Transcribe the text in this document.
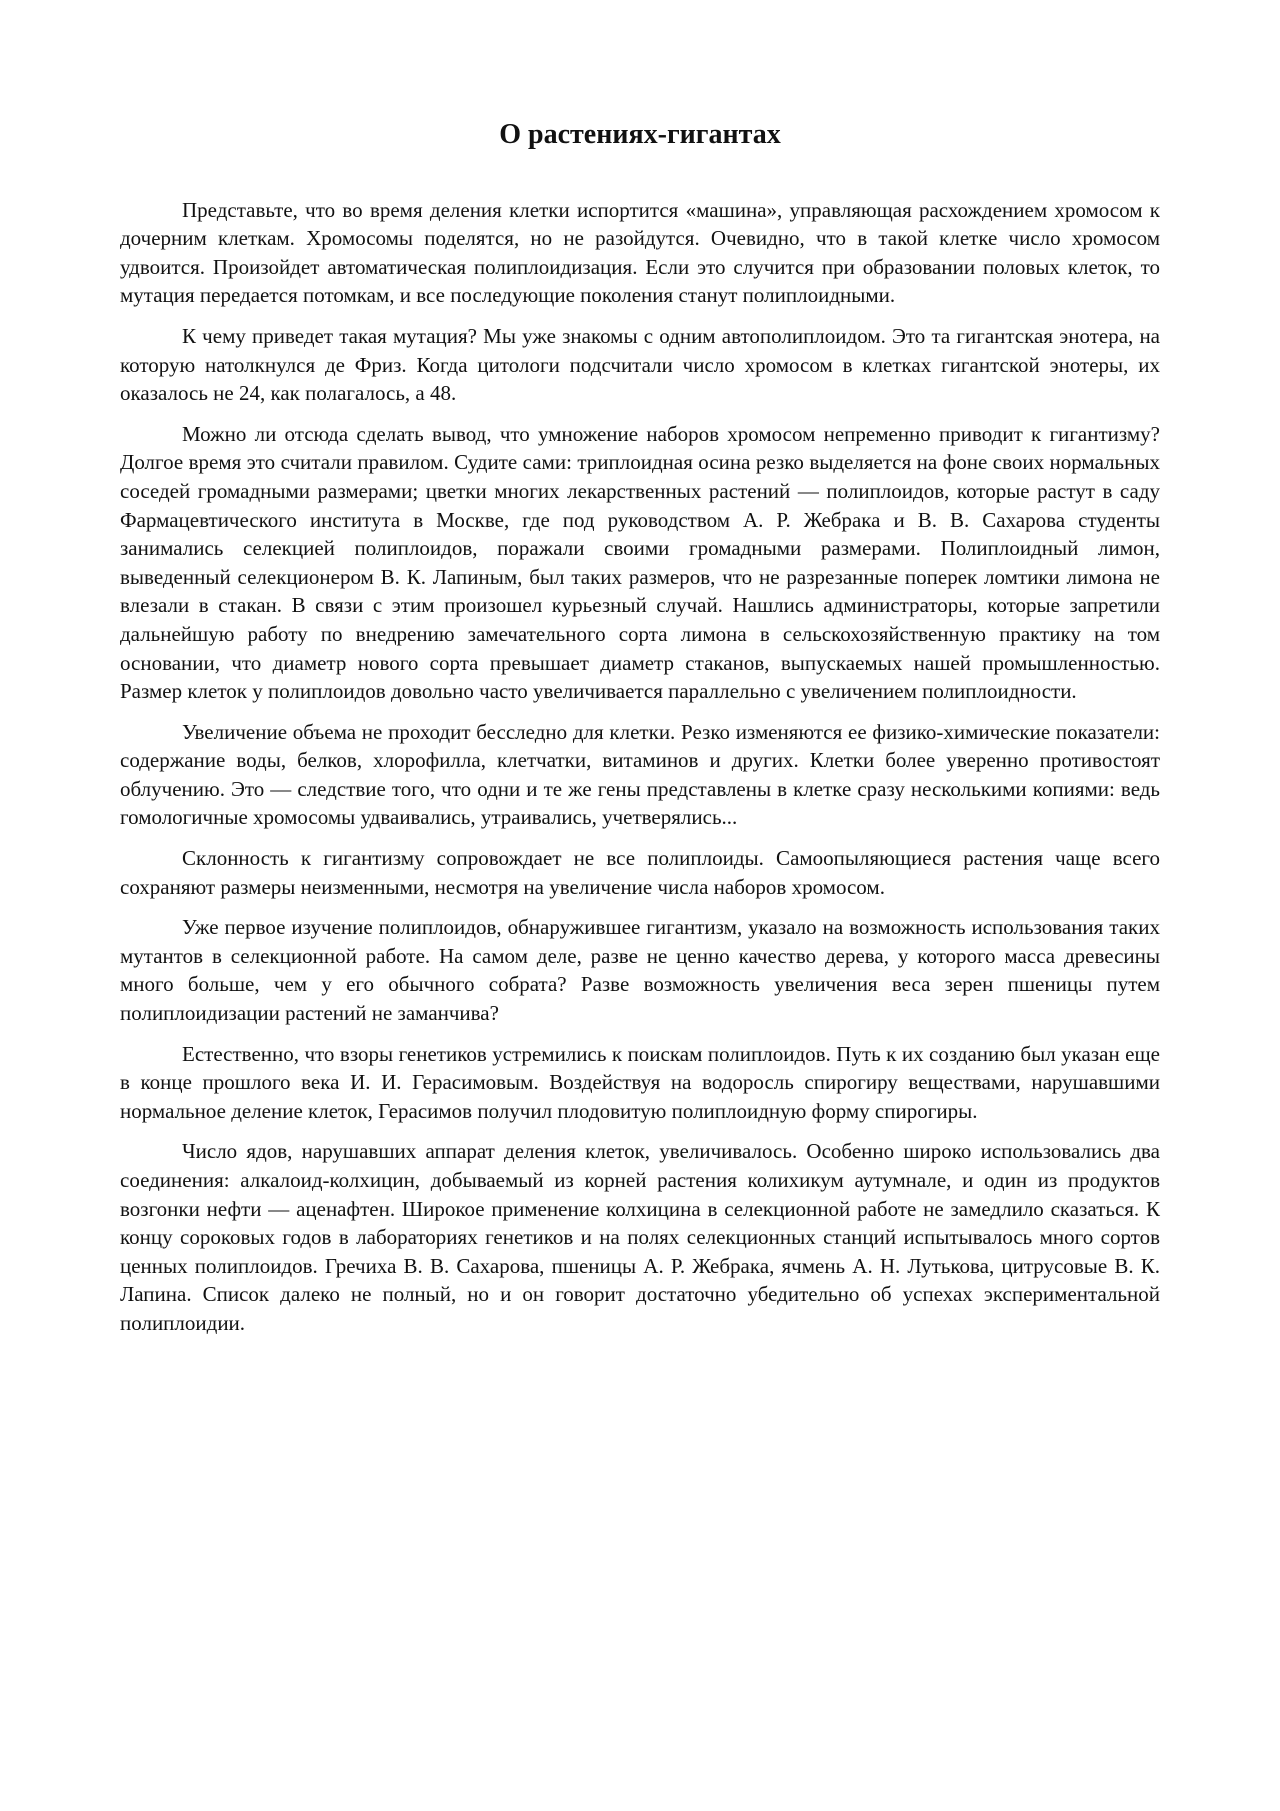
О растениях-гигантах

Представьте, что во время деления клетки испортится «машина», управляющая расхождением хромосом к дочерним клеткам. Хромосомы поделятся, но не разойдутся. Очевидно, что в такой клетке число хромосом удвоится. Произойдет автоматическая полиплоидизация. Если это случится при образовании половых клеток, то мутация передается потомкам, и все последующие поколения станут полиплоидными.

К чему приведет такая мутация? Мы уже знакомы с одним автополиплоидом. Это та гигантская энотера, на которую натолкнулся де Фриз. Когда цитологи подсчитали число хромосом в клетках гигантской энотеры, их оказалось не 24, как полагалось, а 48.

Можно ли отсюда сделать вывод, что умножение наборов хромосом непременно приводит к гигантизму? Долгое время это считали правилом. Судите сами: триплоидная осина резко выделяется на фоне своих нормальных соседей громадными размерами; цветки многих лекарственных растений — полиплоидов, которые растут в саду Фармацевтического института в Москве, где под руководством А. Р. Жебрака и В. В. Сахарова студенты занимались селекцией полиплоидов, поражали своими громадными размерами. Полиплоидный лимон, выведенный селекционером В. К. Лапиным, был таких размеров, что не разрезанные поперек ломтики лимона не влезали в стакан. В связи с этим произошел курьезный случай. Нашлись администраторы, которые запретили дальнейшую работу по внедрению замечательного сорта лимона в сельскохозяйственную практику на том основании, что диаметр нового сорта превышает диаметр стаканов, выпускаемых нашей промышленностью. Размер клеток у полиплоидов довольно часто увеличивается параллельно с увеличением полиплоидности.

Увеличение объема не проходит бесследно для клетки. Резко изменяются ее физико-химические показатели: содержание воды, белков, хлорофилла, клетчатки, витаминов и других. Клетки более уверенно противостоят облучению. Это — следствие того, что одни и те же гены представлены в клетке сразу несколькими копиями: ведь гомологичные хромосомы удваивались, утраивались, учетверялись...

Склонность к гигантизму сопровождает не все полиплоиды. Самоопыляющиеся растения чаще всего сохраняют размеры неизменными, несмотря на увеличение числа наборов хромосом.

Уже первое изучение полиплоидов, обнаружившее гигантизм, указало на возможность использования таких мутантов в селекционной работе. На самом деле, разве не ценно качество дерева, у которого масса древесины много больше, чем у его обычного собрата? Разве возможность увеличения веса зерен пшеницы путем полиплоидизации растений не заманчива?

Естественно, что взоры генетиков устремились к поискам полиплоидов. Путь к их созданию был указан еще в конце прошлого века И. И. Герасимовым. Воздействуя на водоросль спирогиру веществами, нарушавшими нормальное деление клеток, Герасимов получил плодовитую полиплоидную форму спирогиры.

Число ядов, нарушавших аппарат деления клеток, увеличивалось. Особенно широко использовались два соединения: алкалоид-колхицин, добываемый из корней растения колихикум аутумнале, и один из продуктов возгонки нефти — аценафтен. Широкое применение колхицина в селекционной работе не замедлило сказаться. К концу сороковых годов в лабораториях генетиков и на полях селекционных станций испытывалось много сортов ценных полиплоидов. Гречиха В. В. Сахарова, пшеницы А. Р. Жебрака, ячмень А. Н. Лутькова, цитрусовые В. К. Лапина. Список далеко не полный, но и он говорит достаточно убедительно об успехах экспериментальной полиплоидии.
